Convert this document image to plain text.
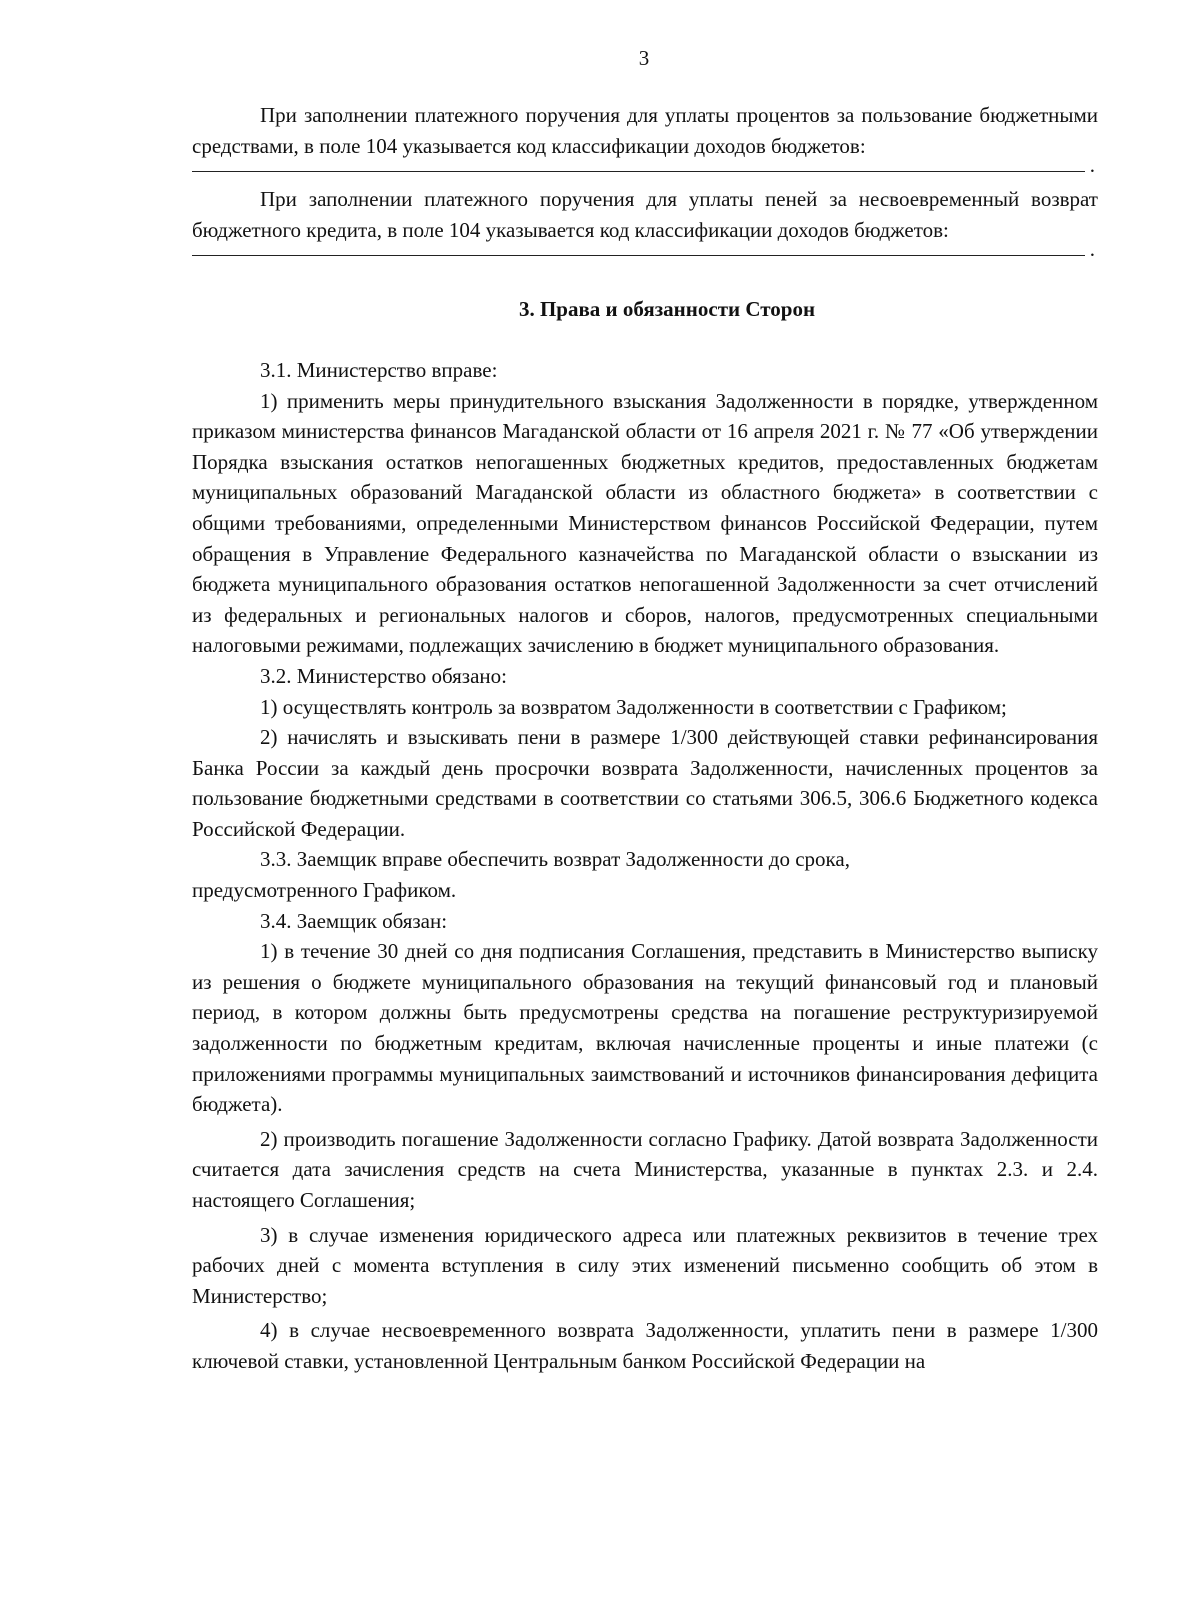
3

При заполнении платежного поручения для уплаты процентов за пользование бюджетными средствами, в поле 104 указывается код классификации доходов бюджетов:

.

При заполнении платежного поручения для уплаты пеней за несвоевременный возврат бюджетного кредита, в поле 104 указывается код классификации доходов бюджетов:

.
3. Права и обязанности Сторон

3.1. Министерство вправе:

1) применить меры принудительного взыскания Задолженности в порядке, утвержденном приказом министерства финансов Магаданской области от 16 апреля 2021 г. № 77 «Об утверждении Порядка взыскания остатков непогашенных бюджетных кредитов, предоставленных бюджетам муниципальных образований Магаданской области из областного бюджета» в соответствии с общими требованиями, определенными Министерством финансов Российской Федерации, путем обращения в Управление Федерального казначейства по Магаданской области о взыскании из бюджета муниципального образования остатков непогашенной Задолженности за счет отчислений из федеральных и региональных налогов и сборов, налогов, предусмотренных специальными налоговыми режимами, подлежащих зачислению в бюджет муниципального образования.

3.2. Министерство обязано:

1) осуществлять контроль за возвратом Задолженности в соответствии с Графиком;

2) начислять и взыскивать пени в размере 1/300 действующей ставки рефинансирования Банка России за каждый день просрочки возврата Задолженности, начисленных процентов за пользование бюджетными средствами в соответствии со статьями 306.5, 306.6 Бюджетного кодекса Российской Федерации.

3.3. Заемщик вправе обеспечить возврат Задолженности до срока,

предусмотренного Графиком.

3.4. Заемщик обязан:

1) в течение 30 дней со дня подписания Соглашения, представить в Министерство выписку из решения о бюджете муниципального образования на текущий финансовый год и плановый период, в котором должны быть предусмотрены средства на погашение реструктуризируемой задолженности по бюджетным кредитам, включая начисленные проценты и иные платежи (с приложениями программы муниципальных заимствований и источников финансирования дефицита бюджета).

2) производить погашение Задолженности согласно Графику. Датой возврата Задолженности считается дата зачисления средств на счета Министерства, указанные в пунктах 2.3. и 2.4. настоящего Соглашения;

3) в случае изменения юридического адреса или платежных реквизитов в течение трех рабочих дней с момента вступления в силу этих изменений письменно сообщить об этом в Министерство;

4) в случае несвоевременного возврата Задолженности, уплатить пени в размере 1/300 ключевой ставки, установленной Центральным банком Российской Федерации на
